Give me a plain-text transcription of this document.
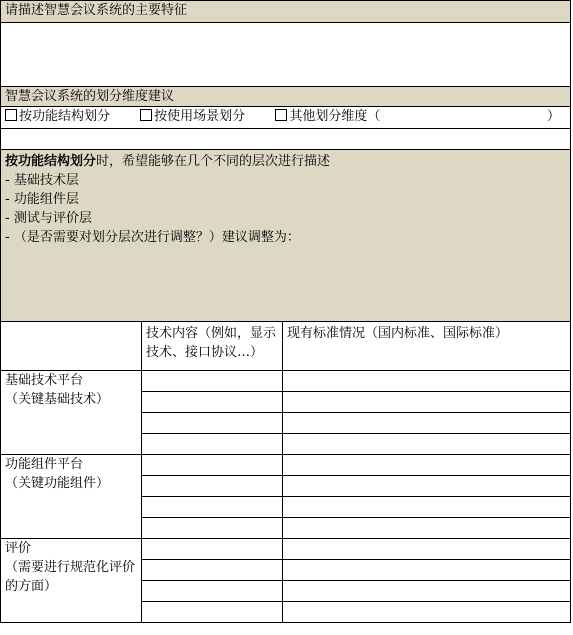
请描述智慧会议系统的主要特征		

智慧会议系统的划分维度建议		
按功能结构划分 按使用场景划分 其他划分维度（ ）		

按功能结构划分时，希望能够在几个不同的层次进行描述
- 基础技术层
- 功能组件层
- 测试与评价层
- （是否需要对划分层次进行调整？）建议调整为：		

	技术内容（例如，显示技术、接口协议…）	现有标准情况（国内标准、国际标准）

基础技术平台
（关键基础技术）		

功能组件平台
（关键功能组件）		

评价
（需要进行规范化评价的方面）		
